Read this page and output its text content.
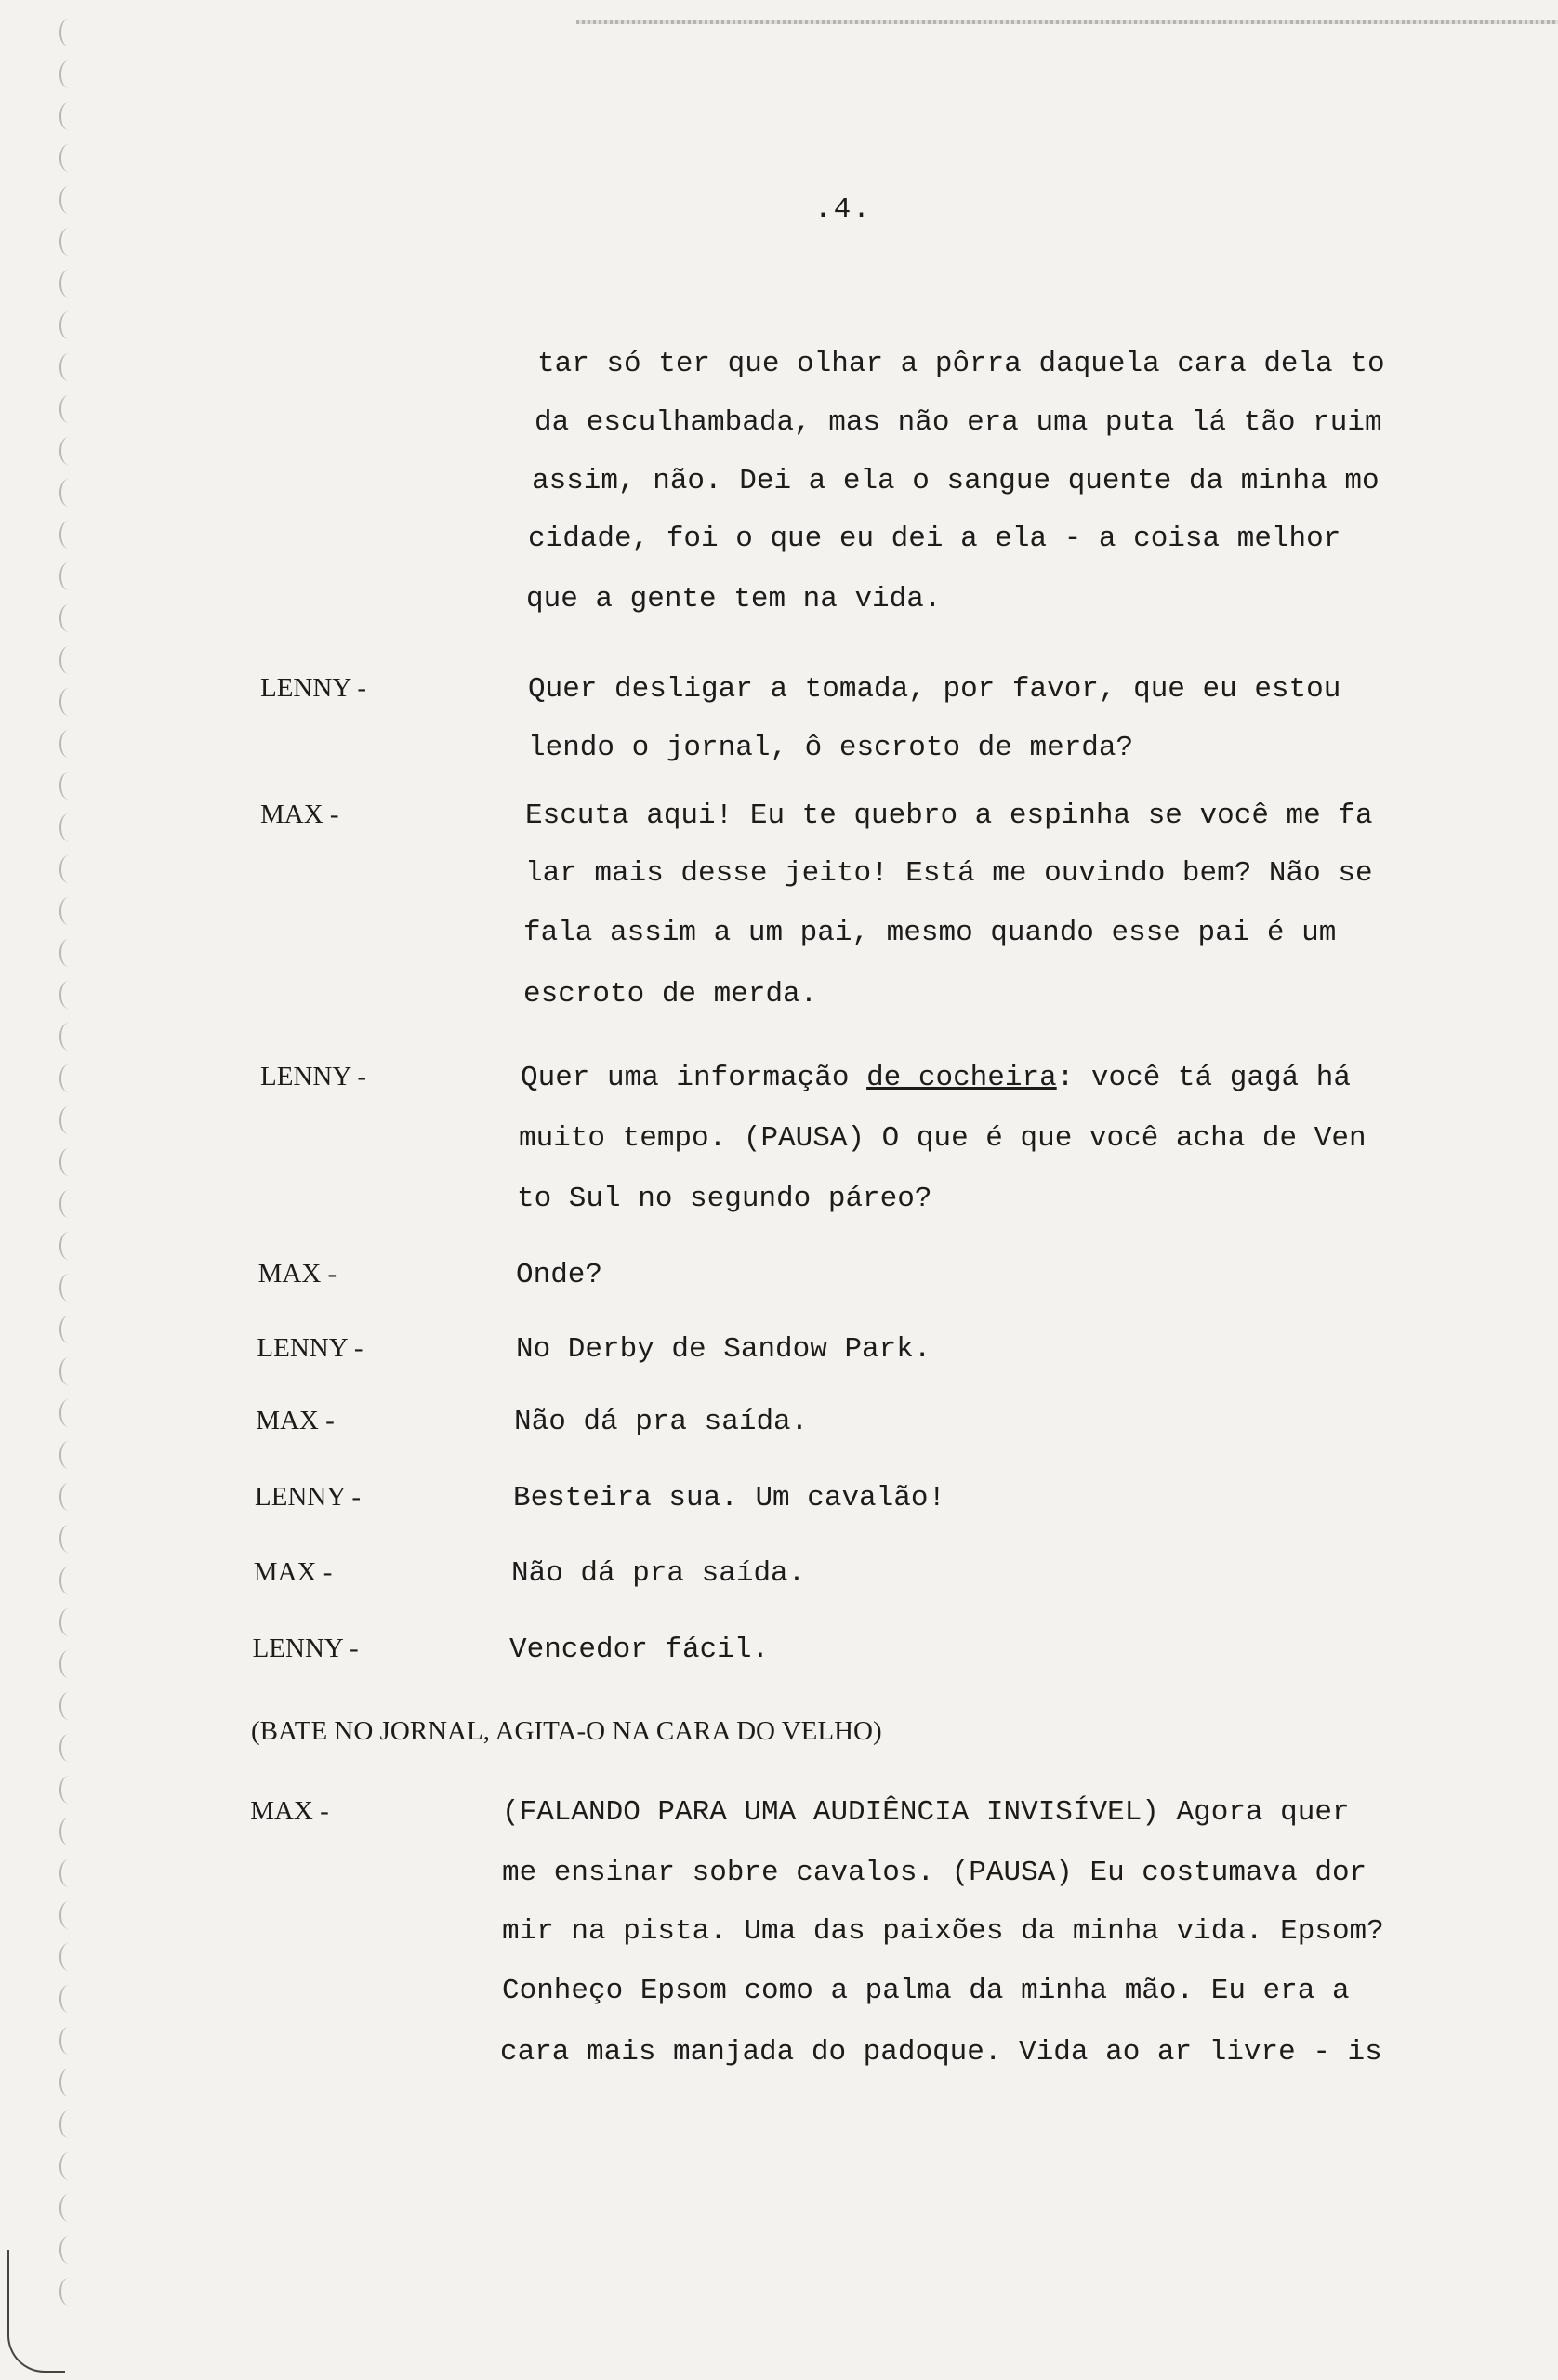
.4.
tar só ter que olhar a pôrra daquela cara dela to
da esculhambada, mas não era uma puta lá tão ruim
assim, não. Dei a ela o sangue quente da minha mo
cidade, foi o que eu dei a ela - a coisa melhor
que a gente tem na vida.
LENNY -	Quer desligar a tomada, por favor, que eu estou
lendo o jornal, ô escroto de merda?
MAX -	Escuta aqui! Eu te quebro a espinha se você me fa
lar mais desse jeito! Está me ouvindo bem? Não se
fala assim a um pai, mesmo quando esse pai é um
escroto de merda.
LENNY -	Quer uma informação de cocheira: você tá gagá há
muito tempo. (PAUSA) O que é que você acha de Ven
to Sul no segundo páreo?
MAX -	Onde?
LENNY -	No Derby de Sandow Park.
MAX -	Não dá pra saída.
LENNY -	Besteira sua. Um cavalão!
MAX -	Não dá pra saída.
LENNY -	Vencedor fácil.
(BATE NO JORNAL, AGITA-O NA CARA DO VELHO)
MAX -	(FALANDO PARA UMA AUDIÊNCIA INVISÍVEL) Agora quer
me ensinar sobre cavalos. (PAUSA) Eu costumava dor
mir na pista. Uma das paixões da minha vida. Epsom?
Conheço Epsom como a palma da minha mão. Eu era a
cara mais manjada do padoque. Vida ao ar livre - is
